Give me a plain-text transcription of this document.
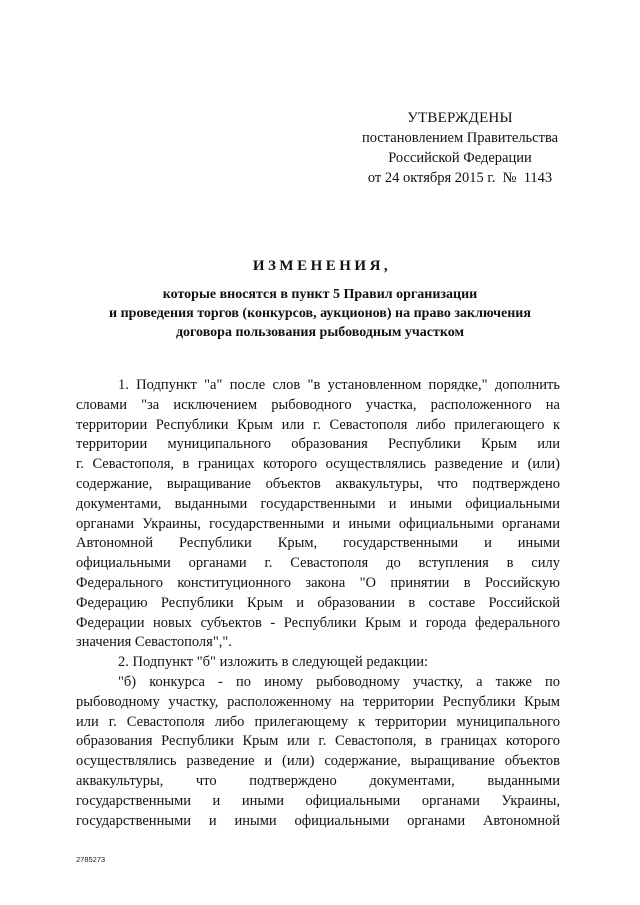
УТВЕРЖДЕНЫ
постановлением Правительства
Российской Федерации
от 24 октября 2015 г.  №  1143
ИЗМЕНЕНИЯ,
которые вносятся в пункт 5 Правил организации
и проведения торгов (конкурсов, аукционов) на право заключения
договора пользования рыбоводным участком
1. Подпункт "а" после слов "в установленном порядке," дополнить
словами "за исключением рыбоводного участка, расположенного на
территории Республики Крым или г. Севастополя либо прилегающего к
территории муниципального образования Республики Крым или
г. Севастополя, в границах которого осуществлялись разведение и (или)
содержание, выращивание объектов аквакультуры, что подтверждено
документами, выданными государственными и иными официальными
органами Украины, государственными и иными официальными органами
Автономной Республики Крым, государственными и иными
официальными органами г. Севастополя до вступления в силу
Федерального конституционного закона "О принятии в Российскую
Федерацию Республики Крым и образовании в составе Российской
Федерации новых субъектов - Республики Крым и города федерального
значения Севастополя",".
2. Подпункт "б" изложить в следующей редакции:
"б) конкурса - по иному рыбоводному участку, а также по
рыбоводному участку, расположенному на территории Республики Крым
или г. Севастополя либо прилегающему к территории муниципального
образования Республики Крым или г. Севастополя, в границах которого
осуществлялись разведение и (или) содержание, выращивание объектов
аквакультуры, что подтверждено документами, выданными
государственными и иными официальными органами Украины,
государственными и иными официальными органами Автономной
2785273
